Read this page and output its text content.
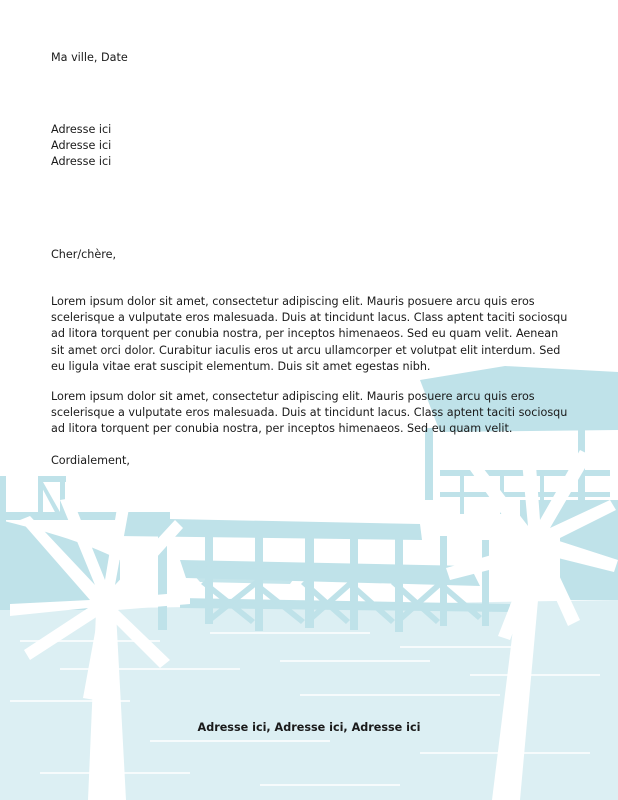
Ma ville, Date
Adresse ici
Adresse ici
Adresse ici
Cher/chère,
Lorem ipsum dolor sit amet, consectetur adipiscing elit. Mauris posuere arcu quis eros
scelerisque a vulputate eros malesuada. Duis at tincidunt lacus. Class aptent taciti sociosqu
ad litora torquent per conubia nostra, per inceptos himenaeos. Sed eu quam velit. Aenean
sit amet orci dolor. Curabitur iaculis eros ut arcu ullamcorper et volutpat elit interdum. Sed
eu ligula vitae erat suscipit elementum. Duis sit amet egestas nibh.
Lorem ipsum dolor sit amet, consectetur adipiscing elit. Mauris posuere arcu quis eros
scelerisque a vulputate eros malesuada. Duis at tincidunt lacus. Class aptent taciti sociosqu
ad litora torquent per conubia nostra, per inceptos himenaeos. Sed eu quam velit.
Cordialement,
Adresse ici, Adresse ici, Adresse ici
